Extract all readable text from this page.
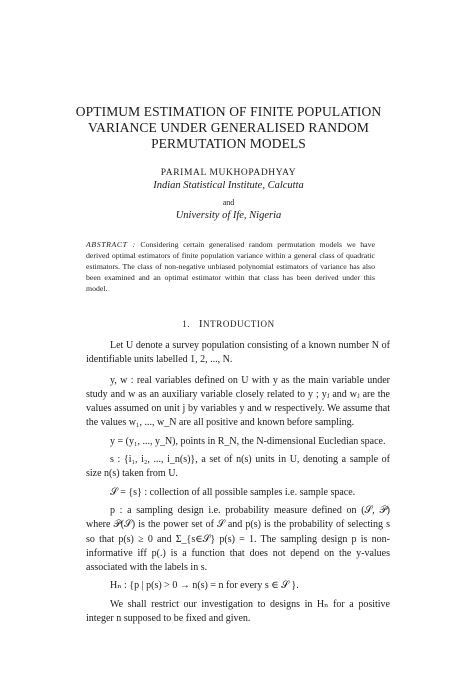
OPTIMUM ESTIMATION OF FINITE POPULATION
VARIANCE UNDER GENERALISED RANDOM
PERMUTATION MODELS
PARIMAL MUKHOPADHYAY
Indian Statistical Institute, Calcutta
and
University of Ife, Nigeria
ABSTRACT : Considering certain generalised random permutation models we have derived optimal estimators of finite population variance within a general class of quadratic estimators. The class of non-negative unbiased polynomial estimators of variance has also been examined and an optimal estimator within that class has been derived under this model.
1. INTRODUCTION

Let U denote a survey population consisting of a known number N of identifiable units labelled 1, 2, ..., N.

y, w : real variables defined on U with y as the main variable under study and w as an auxiliary variable closely related to y ; yⱼ and wⱼ are the values assumed on unit j by variables y and w respectively. We assume that the values w₁, ..., w_N are all positive and known before sampling.

y = (y₁, ..., y_N), points in R_N, the N-dimensional Eucledian space.

s : {i₁, i₂, ..., i_n(s)}, a set of n(s) units in U, denoting a sample of size n(s) taken from U.

𝒮 = {s} : collection of all possible samples i.e. sample space.

p : a sampling design i.e. probability measure defined on (𝒮, 𝒫) where 𝒫(𝒮) is the power set of 𝒮 and p(s) is the probability of selecting s so that p(s) ≥ 0 and Σ_{s∈𝒮} p(s) = 1. The sampling design p is non-informative iff p(.) is a function that does not depend on the y-values associated with the labels in s.

Hₙ : {p | p(s) > 0 → n(s) = n for every s ∈ 𝒮 }.

We shall restrict our investigation to designs in Hₙ for a positive integer n supposed to be fixed and given.
